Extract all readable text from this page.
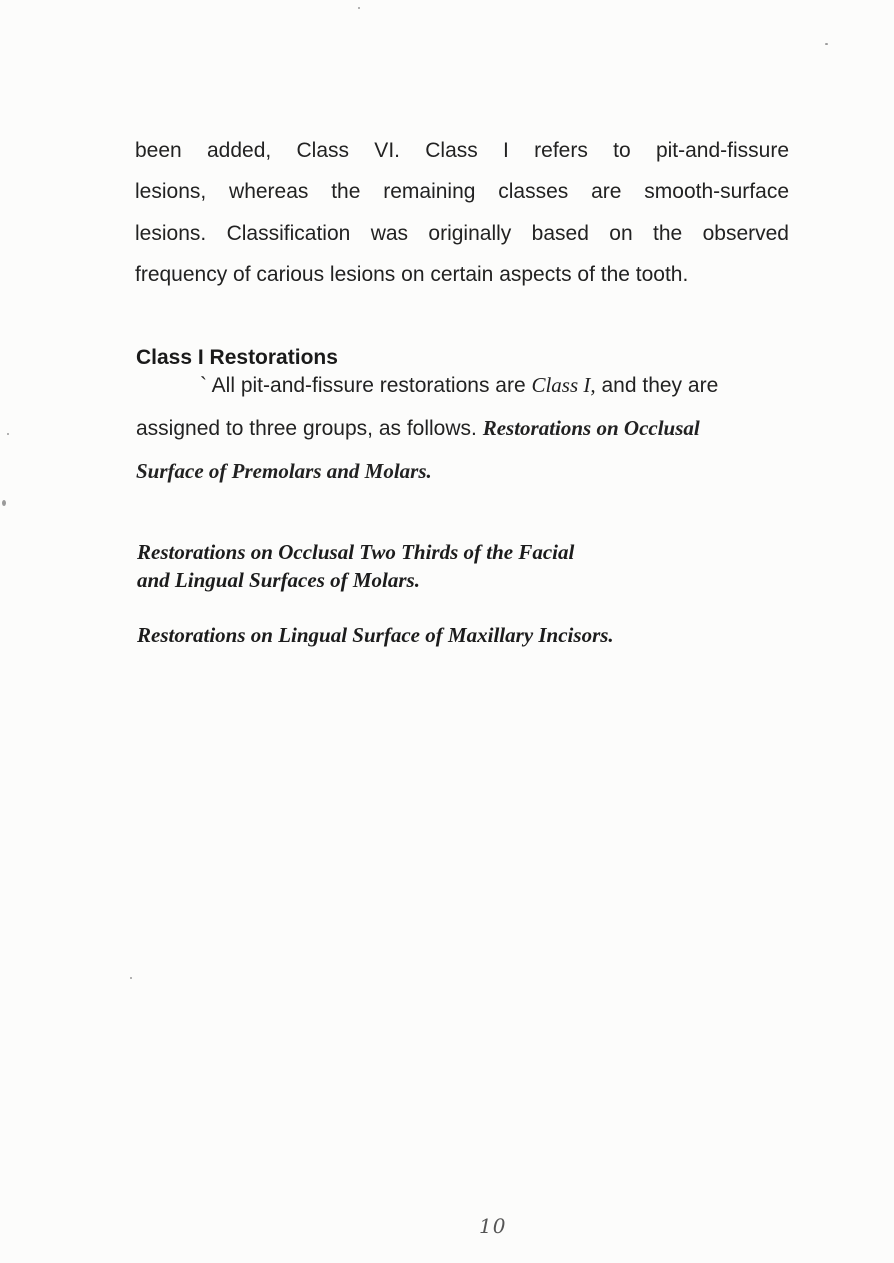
been added, Class VI. Class I refers to pit-and-fissure
lesions, whereas the remaining classes are smooth-surface
lesions. Classification was originally based on the observed
frequency of carious lesions on certain aspects of the tooth.
Class I Restorations
` All pit-and-fissure restorations are Class I, and they are
assigned to three groups, as follows. Restorations on Occlusal
Surface of Premolars and Molars.
Restorations on Occlusal Two Thirds of the Facial
and Lingual Surfaces of Molars.
Restorations on Lingual Surface of Maxillary Incisors.
10
